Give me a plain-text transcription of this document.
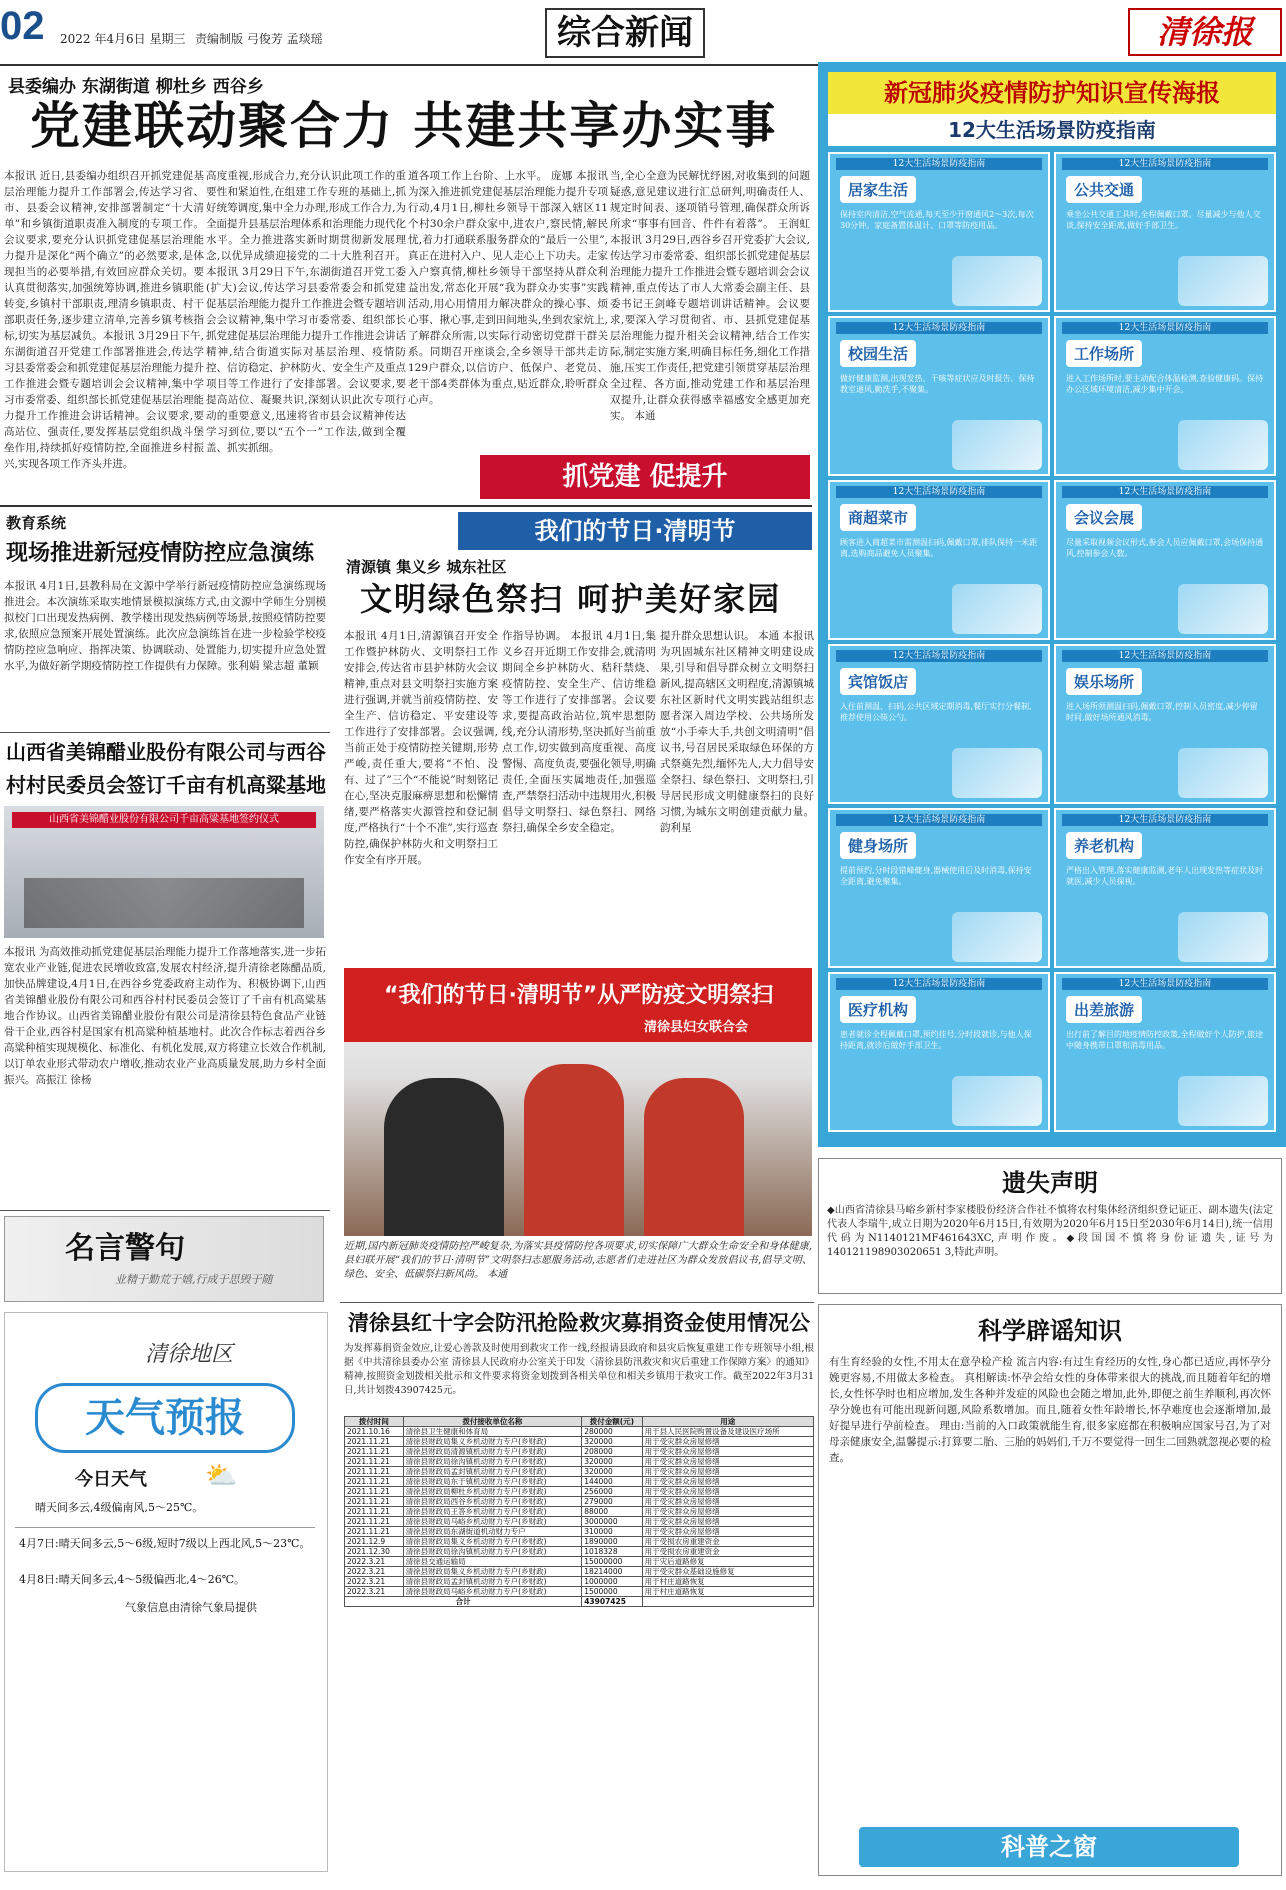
02 2022 年4月6日 星期三 责编制版 弓俊芳 孟琰瑶	综合新闻	清徐报
县委编办 东湖街道 柳杜乡 西谷乡
党建联动聚合力 共建共享办实事
本报讯 近日,县委编办组织召开抓党建促基层治理能力提升工作部署会,传达学习省、市、县委会议精神,安排部署制定“十大清单”和乡镇街道职责准入制度的专项工作。会议要求,要充分认识抓党建促基层治理能力提升是深化“两个确立”的必然要求,是体现担当的必要举措,有效回应群众关切。要认真贯彻落实,加强统筹协调,推进乡镇职能转变,乡镇村干部职责,理清乡镇职责、村干部职责任务,逐步建立清单,完善乡镇考核指标,切实为基层减负。本报讯 3月29日下午,东湖街道召开党建工作部署推进会,传达学习县委常委会和抓党建促基层治理能力提升工作推进会暨专题培训会会议精神,集中学习市委常委、组织部长抓党建促基层治理能力提升工作推进会讲话精神。会议要求,要高站位、强责任,要发挥基层党组织战斗堡垒作用,持续抓好疫情防控,全面推进乡村振兴,实现各项工作齐头并进。
高度重视,形成合力,充分认识此项工作的重要性和紧迫性,在组建工作专班的基础上,抓好统筹调度,集中全力办理,形成工作合力,为全面提升县基层治理体系和治理能力现代化水平。全力推进落实新时期贯彻新发展理念,以优异成绩迎接党的二十大胜利召开。本报讯 3月29日下午,东湖街道召开党工委(扩大)会议,传达学习县委常委会和抓党建促基层治理能力提升工作推进会暨专题培训会会议精神,集中学习市委常委、组织部长抓党建促基层治理能力提升工作推进会讲话精神,结合街道实际对基层治理、疫情防控、信访稳定、护林防火、安全生产及重点项目等工作进行了安排部署。会议要求,要提高站位、凝聚共识,深刻认识此次专项行动的重要意义,迅速将省市县会议精神传达学习到位,要以“五个一”工作法,做到全覆盖、抓实抓细。
道各项工作上台阶、上水平。 庞娜 本报讯 为深入推进抓党建促基层治理能力提升专项行动,4月1日,柳杜乡领导干部深入辖区11个村30余户群众家中,进农户,察民情,解民忧,着力打通联系服务群众的“最后一公里”,真正在进村入户、见人走心上下功夫。走家入户察真情,柳杜乡领导干部坚持从群众利益出发,常态化开展“我为群众办实事”实践活动,用心用情用力解决群众的操心事、烦心事、揪心事,走到田间地头,坐到农家炕上,了解群众所需,以实际行动密切党群干群关系。同期召开座谈会,全乡领导干部共走访129户群众,以信访户、低保户、老党员、老干部4类群体为重点,贴近群众,聆听群众心声。
当,全心全意为民解忧纾困,对收集到的问题疑惑,意见建议进行汇总研判,明确责任人、规定时间表、逐项销号管理,确保群众所诉所求“事事有回音、件件有着落”。 王润虹 本报讯 3月29日,西谷乡召开党委扩大会议,传达学习市委常委、组织部长抓党建促基层治理能力提升工作推进会暨专题培训会会议精神,重点传达了市人大常委会副主任、县委书记王剑峰专题培训讲话精神。会议要求,要深入学习贯彻省、市、县抓党建促基层治理能力提升相关会议精神,结合工作实际,制定实施方案,明确目标任务,细化工作措施,压实工作责任,把党建引领贯穿基层治理全过程、各方面,推动党建工作和基层治理双提升,让群众获得感幸福感安全感更加充实。 本通
抓党建 促提升
教育系统
现场推进新冠疫情防控应急演练
本报讯 4月1日,县教科局在文源中学举行新冠疫情防控应急演练现场推进会。本次演练采取实地情景模拟演练方式,由文源中学师生分别模拟校门口出现发热病例、教学楼出现发热病例等场景,按照疫情防控要求,依照应急预案开展处置演练。此次应急演练旨在进一步检验学校疫情防控应急响应、指挥决策、协调联动、处置能力,切实提升应急处置水平,为做好新学期疫情防控工作提供有力保障。张利娟 梁志超 董颖
山西省美锦醋业股份有限公司与西谷村村民委员会签订千亩有机高粱基地
山西省美锦醋业股份有限公司千亩高粱基地签约仪式
本报讯 为高效推动抓党建促基层治理能力提升工作落地落实,进一步拓宽农业产业链,促进农民增收致富,发展农村经济,提升清徐老陈醋品质,加快品牌建设,4月1日,在西谷乡党委政府主动作为、积极协调下,山西省美锦醋业股份有限公司和西谷村村民委员会签订了千亩有机高粱基地合作协议。山西省美锦醋业股份有限公司是清徐县特色食品产业链骨干企业,西谷村是国家有机高粱种植基地村。此次合作标志着西谷乡高粱种植实现规模化、标准化、有机化发展,双方将建立长效合作机制,以订单农业形式带动农户增收,推动农业产业高质量发展,助力乡村全面振兴。高振江 徐杨
名言警句
业精于勤荒于嬉,行成于思毁于随
清徐地区
天气预报
今日天气 ⛅
晴天间多云,4级偏南风,5～25℃。
4月7日:晴天间多云,5～6级,短时7级以上西北风,5～23℃。
4月8日:晴天间多云,4～5级偏西北,4～26℃。
气象信息由清徐气象局提供
我们的节日·清明节
清源镇 集义乡 城东社区
文明绿色祭扫 呵护美好家园
本报讯 4月1日,清源镇召开安全工作暨护林防火、文明祭扫工作安排会,传达省市县护林防火会议精神,重点对县文明祭扫实施方案进行强调,并就当前疫情防控、安全生产、信访稳定、平安建设等工作进行了安排部署。会议强调,当前正处于疫情防控关键期,形势严峻,责任重大,要将“不怕、没有、过了”三个“不能说”时刻铭记在心,坚决克服麻痹思想和松懈情绪,要严格落实火源管控和登记制度,严格执行“十个不准”,实行巡查防控,确保护林防火和文明祭扫工作安全有序开展。
作指导协调。 本报讯 4月1日,集义乡召开近期工作安排会,就清明期间全乡护林防火、秸秆禁烧、疫情防控、安全生产、信访维稳等工作进行了安排部署。会议要求,要提高政治站位,筑牢思想防线,充分认清形势,坚决抓好当前重点工作,切实做到高度重视、高度警惕、高度负责,要强化领导,明确责任,全面压实属地责任,加强巡查,严禁祭扫活动中违规用火,积极倡导文明祭扫、绿色祭扫、网络祭扫,确保全乡安全稳定。
提升群众思想认识。 本通 本报讯 为巩固城东社区精神文明建设成果,引导和倡导群众树立文明祭扫新风,提高辖区文明程度,清源镇城东社区新时代文明实践站组织志愿者深入周边学校、公共场所发放“小手牵大手,共创文明清明”倡议书,号召居民采取绿色环保的方式祭奠先烈,缅怀先人,大力倡导安全祭扫、绿色祭扫、文明祭扫,引导居民形成文明健康祭扫的良好习惯,为城东文明创建贡献力量。 韵利星
“我们的节日·清明节”从严防疫文明祭扫
清徐县妇女联合会
近期,国内新冠肺炎疫情防控严峻复杂,为落实县疫情防控各项要求,切实保障广大群众生命安全和身体健康,县妇联开展“我们的节日·清明节”文明祭扫志愿服务活动,志愿者们走进社区为群众发放倡议书,倡导文明、绿色、安全、低碳祭扫新风尚。 本通
清徐县红十字会防汛抢险救灾募捐资金使用情况公
为发挥募捐资金效应,让爱心善款及时使用到救灾工作一线,经报请县政府和县灾后恢复重建工作专班领导小组,根据《中共清徐县委办公室 清徐县人民政府办公室关于印发〈清徐县防汛救灾和灾后重建工作保障方案〉的通知》精神,按照资金划拨相关批示和文件要求将资金划拨到各相关单位和相关乡镇用于救灾工作。截至2022年3月31日,共计划拨43907425元。
拨付时间	拨付接收单位名称	拨付金额(元)	用途
2021.10.16	清徐县卫生健康和体育局	280000	用于县人民医院购置设备及建设医疗场所
2021.11.21	清徐县财政局集义乡机动财力专户(乡财政)	320000	用于受灾群众房屋修缮
2021.11.21	清徐县财政局清源镇机动财力专户(乡财政)	208000	用于受灾群众房屋修缮
2021.11.21	清徐县财政局徐沟镇机动财力专户(乡财政)	320000	用于受灾群众房屋修缮
2021.11.21	清徐县财政局孟封镇机动财力专户(乡财政)	320000	用于受灾群众房屋修缮
2021.11.21	清徐县财政局东于镇机动财力专户(乡财政)	144000	用于受灾群众房屋修缮
2021.11.21	清徐县财政局柳杜乡机动财力专户(乡财政)	256000	用于受灾群众房屋修缮
2021.11.21	清徐县财政局西谷乡机动财力专户(乡财政)	279000	用于受灾群众房屋修缮
2021.11.21	清徐县财政局王答乡机动财力专户(乡财政)	88000	用于受灾群众房屋修缮
2021.11.21	清徐县财政局马峪乡机动财力专户(乡财政)	3000000	用于受灾群众房屋修缮
2021.11.21	清徐县财政局东湖街道机动财力专户	310000	用于受灾群众房屋修缮
2021.12.9	清徐县财政局集义乡机动财力专户(乡财政)	1890000	用于受损农房重建资金
2021.12.30	清徐县财政局徐沟镇机动财力专户(乡财政)	1018328	用于受损农房重建资金
2022.3.21	清徐县交通运输局	15000000	用于灾后道路修复
2022.3.21	清徐县财政局集义乡机动财力专户(乡财政)	18214000	用于受灾群众基础设施修复
2022.3.21	清徐县财政局孟封镇机动财力专户(乡财政)	1000000	用于村庄道路恢复
2022.3.21	清徐县财政局马峪乡机动财力专户(乡财政)	1500000	用于村庄道路恢复
合计		43907425	
新冠肺炎疫情防护知识宣传海报
12大生活场景防疫指南
12大生活场景防疫指南
居家生活
保持室内清洁,空气流通,每天至少开窗通风2～3次,每次30分钟。家庭备置体温计、口罩等防疫用品。
12大生活场景防疫指南
公共交通
乘坐公共交通工具时,全程佩戴口罩。尽量减少与他人交谈,保持安全距离,做好手部卫生。
12大生活场景防疫指南
校园生活
做好健康监测,出现发热、干咳等症状应及时报告。保持教室通风,勤洗手,不聚集。
12大生活场景防疫指南
工作场所
进入工作场所时,要主动配合体温检测,查验健康码。保持办公区域环境清洁,减少集中开会。
12大生活场景防疫指南
商超菜市
顾客进入商超菜市需测温扫码,佩戴口罩,排队保持一米距离,选购商品避免人员聚集。
12大生活场景防疫指南
会议会展
尽量采取视频会议形式,参会人员应佩戴口罩,会场保持通风,控制参会人数。
12大生活场景防疫指南
宾馆饭店
入住前测温、扫码,公共区域定期消毒,餐厅实行分餐制,推荐使用公筷公勺。
12大生活场景防疫指南
娱乐场所
进入场所须测温扫码,佩戴口罩,控制人员密度,减少停留时间,做好场所通风消毒。
12大生活场景防疫指南
健身场所
提前预约,分时段错峰健身,器械使用后及时消毒,保持安全距离,避免聚集。
12大生活场景防疫指南
养老机构
严格出入管理,落实健康监测,老年人出现发热等症状及时就医,减少人员探视。
12大生活场景防疫指南
医疗机构
患者就诊全程佩戴口罩,预约挂号,分时段就诊,与他人保持距离,就诊后做好手部卫生。
12大生活场景防疫指南
出差旅游
出行前了解目的地疫情防控政策,全程做好个人防护,旅途中随身携带口罩和消毒用品。
遗失声明
◆山西省清徐县马峪乡新村李家楼股份经济合作社不慎将农村集体经济组织登记证正、副本遗失(法定代表人李瑞牛,成立日期为2020年6月15日,有效期为2020年6月15日至2030年6月14日),统一信用代码为N1140121MF461643XC,声明作废。◆段国国不慎将身份证遗失,证号为140121198903020651 3,特此声明。
科学辟谣知识
有生育经验的女性,不用太在意孕检产检 流言内容:有过生育经历的女性,身心都已适应,再怀孕分娩更容易,不用做太多检查。 真相解读:怀孕会给女性的身体带来很大的挑战,而且随着年纪的增长,女性怀孕时也相应增加,发生各种并发症的风险也会随之增加,此外,即便之前生养顺利,再次怀孕分娩也有可能出现新问题,风险系数增加。而且,随着女性年龄增长,怀孕难度也会逐渐增加,最好提早进行孕前检查。 理由:当前的入口政策就能生育,很多家庭都在积极响应国家号召,为了对母亲健康安全,温馨提示:打算要二胎、三胎的妈妈们,千万不要觉得一回生二回熟就忽视必要的检查。
科普之窗
